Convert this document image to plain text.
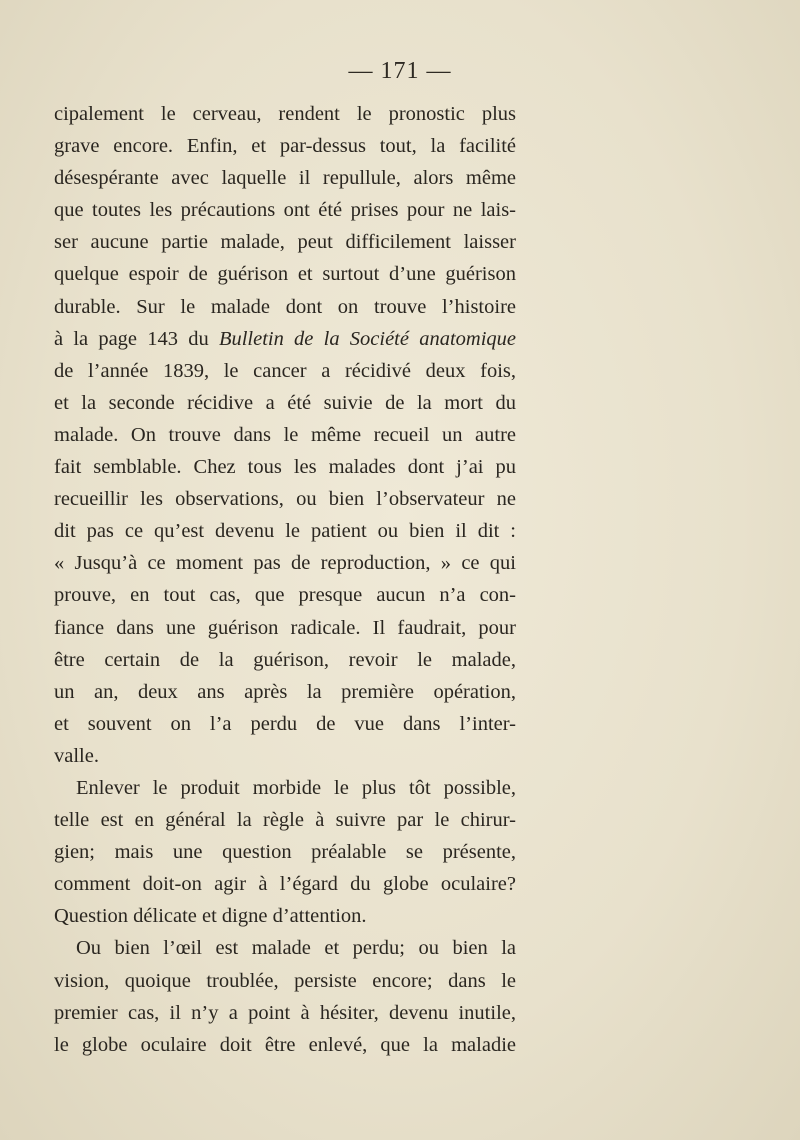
— 171 —
cipalement le cerveau, rendent le pronostic plus
grave encore. Enfin, et par-dessus tout, la facilité
désespérante avec laquelle il repullule, alors même
que toutes les précautions ont été prises pour ne lais-
ser aucune partie malade, peut difficilement laisser
quelque espoir de guérison et surtout d’une guérison
durable. Sur le malade dont on trouve l’histoire
à la page 143 du Bulletin de la Société anatomique
de l’année 1839, le cancer a récidivé deux fois,
et la seconde récidive a été suivie de la mort du
malade. On trouve dans le même recueil un autre
fait semblable. Chez tous les malades dont j’ai pu
recueillir les observations, ou bien l’observateur ne
dit pas ce qu’est devenu le patient ou bien il dit :
« Jusqu’à ce moment pas de reproduction, » ce qui
prouve, en tout cas, que presque aucun n’a con-
fiance dans une guérison radicale. Il faudrait, pour
être certain de la guérison, revoir le malade,
un an, deux ans après la première opération,
et souvent on l’a perdu de vue dans l’inter-
valle.
Enlever le produit morbide le plus tôt possible,
telle est en général la règle à suivre par le chirur-
gien; mais une question préalable se présente,
comment doit-on agir à l’égard du globe oculaire?
Question délicate et digne d’attention.
Ou bien l’œil est malade et perdu; ou bien la
vision, quoique troublée, persiste encore; dans le
premier cas, il n’y a point à hésiter, devenu inutile,
le globe oculaire doit être enlevé, que la maladie
